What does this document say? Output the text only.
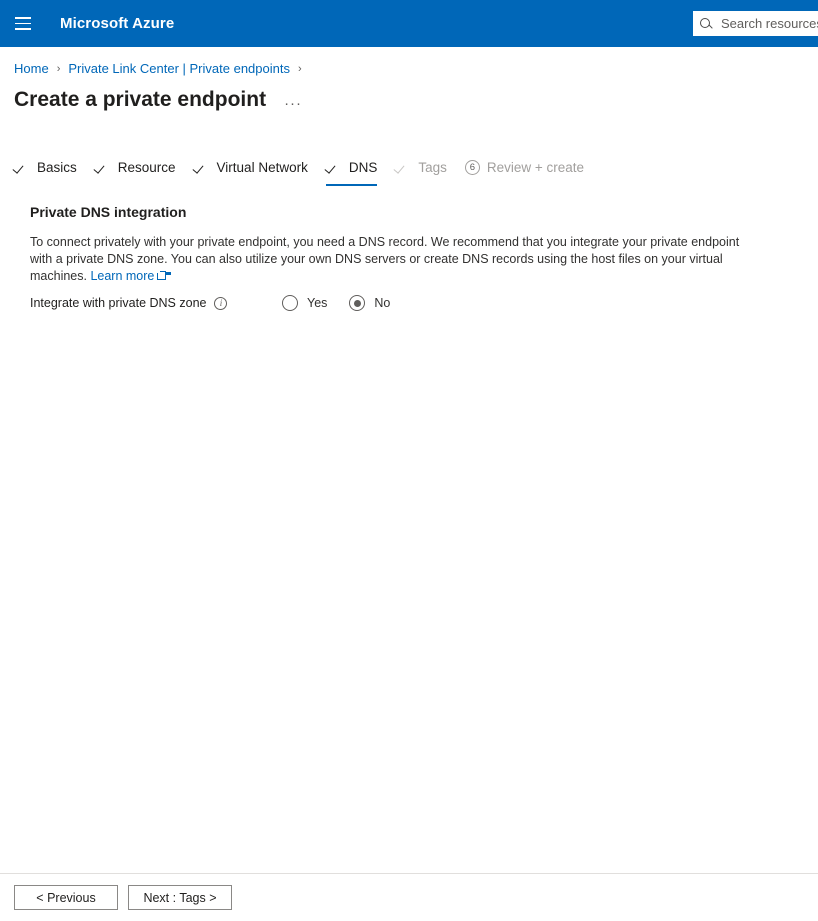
Microsoft Azure
Search resources
Home › Private Link Center | Private endpoints ›
Create a private endpoint ···
Basics	Resource	Virtual Network	DNS	Tags	6 Review + create
Private DNS integration
To connect privately with your private endpoint, you need a DNS record. We recommend that you integrate your private endpoint with a private DNS zone. You can also utilize your own DNS servers or create DNS records using the host files on your virtual machines. Learn more
Integrate with private DNS zone	i	Yes	No
< Previous	Next : Tags >
